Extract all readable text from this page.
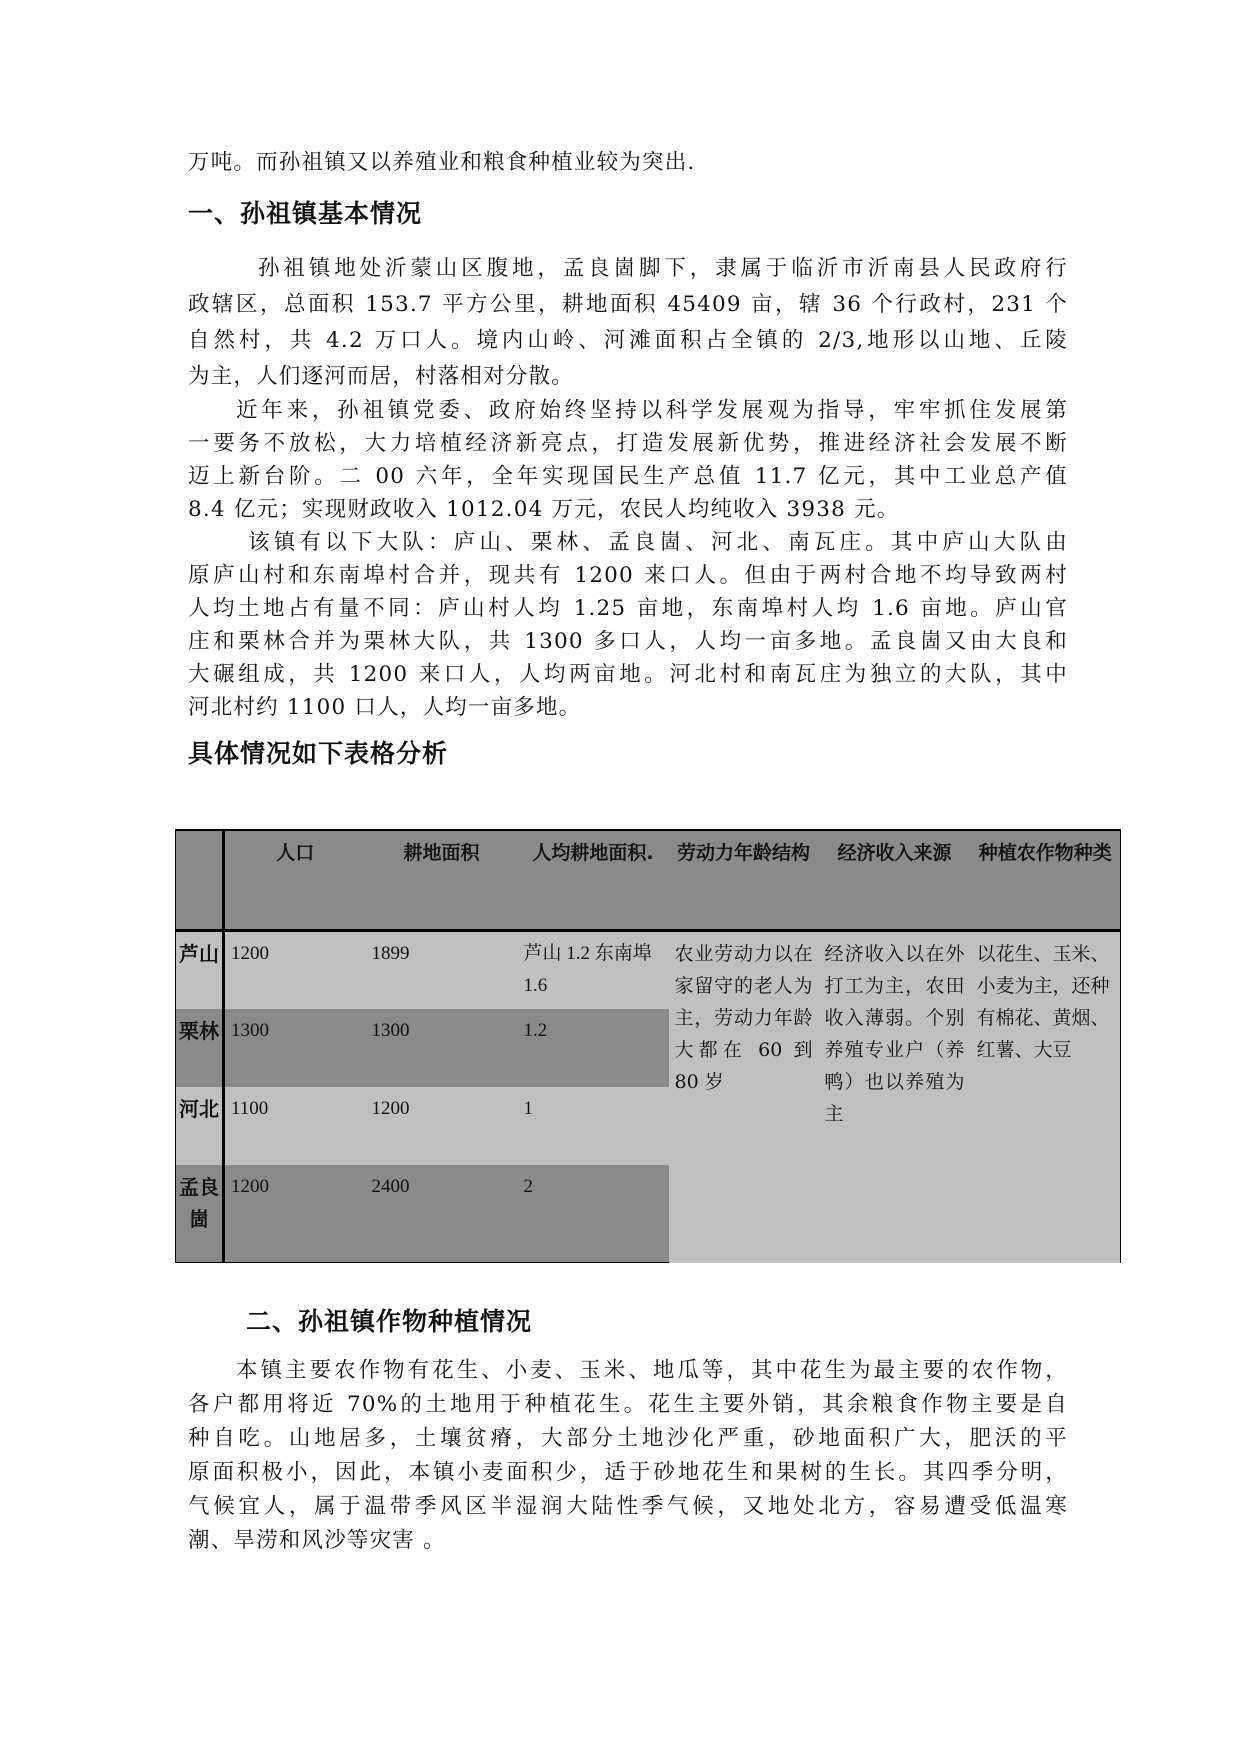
万吨。而孙祖镇又以养殖业和粮食种植业较为突出.
一、孙祖镇基本情况
孙祖镇地处沂蒙山区腹地，孟良崮脚下，隶属于临沂市沂南县人民政府行
政辖区，总面积 153.7 平方公里，耕地面积 45409 亩，辖 36 个行政村，231 个
自然村，共 4.2 万口人。境内山岭、河滩面积占全镇的 2/3,地形以山地、丘陵
为主，人们逐河而居，村落相对分散。
近年来，孙祖镇党委、政府始终坚持以科学发展观为指导，牢牢抓住发展第
一要务不放松，大力培植经济新亮点，打造发展新优势，推进经济社会发展不断
迈上新台阶。二 00 六年，全年实现国民生产总值 11.7 亿元，其中工业总产值
8.4 亿元；实现财政收入 1012.04 万元，农民人均纯收入 3938 元。
该镇有以下大队：庐山、栗林、孟良崮、河北、南瓦庄。其中庐山大队由
原庐山村和东南埠村合并，现共有 1200 来口人。但由于两村合地不均导致两村
人均土地占有量不同：庐山村人均 1.25 亩地，东南埠村人均 1.6 亩地。庐山官
庄和栗林合并为栗林大队，共 1300 多口人，人均一亩多地。孟良崮又由大良和
大碾组成，共 1200 来口人，人均两亩地。河北村和南瓦庄为独立的大队，其中
河北村约 1100 口人，人均一亩多地。
具体情况如下表格分析
	人口	耕地面积	人均耕地面积.	劳动力年龄结构	经济收入来源	种植农作物种类
芦山	1200	1899	芦山 1.2 东南埠 1.6	农业劳动力以在家留守的老人为主，劳动力年龄大都在 60 到 80 岁	经济收入以在外打工为主，农田收入薄弱。个别养殖专业户（养鸭）也以养殖为主	以花生、玉米、小麦为主，还种有棉花、黄烟、红薯、大豆
栗林	1300	1300	1.2			
河北	1100	1200	1			
孟良崮	1200	2400	2			
二、孙祖镇作物种植情况
本镇主要农作物有花生、小麦、玉米、地瓜等，其中花生为最主要的农作物，
各户都用将近 70%的土地用于种植花生。花生主要外销，其余粮食作物主要是自
种自吃。山地居多，土壤贫瘠，大部分土地沙化严重，砂地面积广大，肥沃的平
原面积极小，因此，本镇小麦面积少，适于砂地花生和果树的生长。其四季分明，
气候宜人，属于温带季风区半湿润大陆性季气候，又地处北方，容易遭受低温寒
潮、旱涝和风沙等灾害 。
